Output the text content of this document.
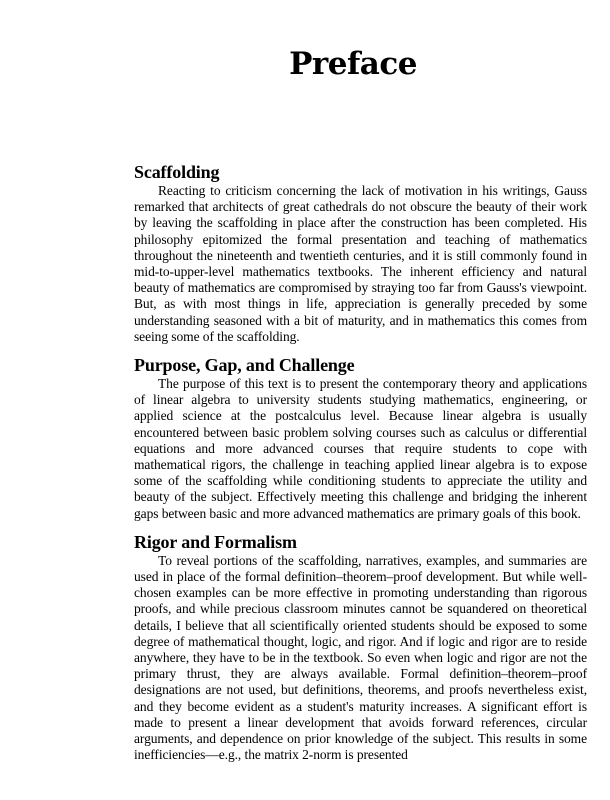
Preface
Scaffolding

Reacting to criticism concerning the lack of motivation in his writings, Gauss remarked that architects of great cathedrals do not obscure the beauty of their work by leaving the scaffolding in place after the construction has been completed. His philosophy epitomized the formal presentation and teaching of mathematics throughout the nineteenth and twentieth centuries, and it is still commonly found in mid-to-upper-level mathematics textbooks. The inherent efficiency and natural beauty of mathematics are compromised by straying too far from Gauss's viewpoint. But, as with most things in life, appreciation is generally preceded by some understanding seasoned with a bit of maturity, and in mathematics this comes from seeing some of the scaffolding.

Purpose, Gap, and Challenge

The purpose of this text is to present the contemporary theory and applications of linear algebra to university students studying mathematics, engineering, or applied science at the postcalculus level. Because linear algebra is usually encountered between basic problem solving courses such as calculus or differential equations and more advanced courses that require students to cope with mathematical rigors, the challenge in teaching applied linear algebra is to expose some of the scaffolding while conditioning students to appreciate the utility and beauty of the subject. Effectively meeting this challenge and bridging the inherent gaps between basic and more advanced mathematics are primary goals of this book.

Rigor and Formalism

To reveal portions of the scaffolding, narratives, examples, and summaries are used in place of the formal definition–theorem–proof development. But while well-chosen examples can be more effective in promoting understanding than rigorous proofs, and while precious classroom minutes cannot be squandered on theoretical details, I believe that all scientifically oriented students should be exposed to some degree of mathematical thought, logic, and rigor. And if logic and rigor are to reside anywhere, they have to be in the textbook. So even when logic and rigor are not the primary thrust, they are always available. Formal definition–theorem–proof designations are not used, but definitions, theorems, and proofs nevertheless exist, and they become evident as a student's maturity increases. A significant effort is made to present a linear development that avoids forward references, circular arguments, and dependence on prior knowledge of the subject. This results in some inefficiencies—e.g., the matrix 2-norm is presented
